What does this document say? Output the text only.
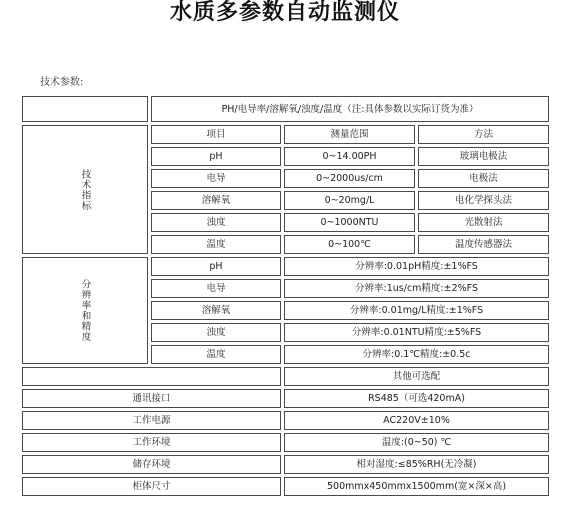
水质多参数自动监测仪
技术参数:
	PH/电导率/溶解氧/浊度/温度（注:具体参数以实际订货为准）		
技术指标	项目	测量范围	方法
	pH	0~14.00PH	玻璃电极法
	电导	0~2000us/cm	电极法
	溶解氧	0~20mg/L	电化学探头法
	浊度	0~1000NTU	光散射法
	温度	0~100℃	温度传感器法
分辨率和精度	pH	分辨率:0.01pH精度:±1%FS	
	电导	分辨率:1us/cm精度:±2%FS	
	溶解氧	分辨率:0.01mg/L精度:±1%FS	
	浊度	分辨率:0.01NTU精度:±5%FS	
	温度	分辨率:0.1℃精度:±0.5c	
		其他可选配	
通讯接口		RS485（可选420mA)	
工作电源		AC220V±10%	
工作环境		温度:(0~50) ℃	
储存环境		相对湿度:≤85%RH(无冷凝)	
柜体尺寸		500mmx450mmx1500mm(宽×深×高)	
